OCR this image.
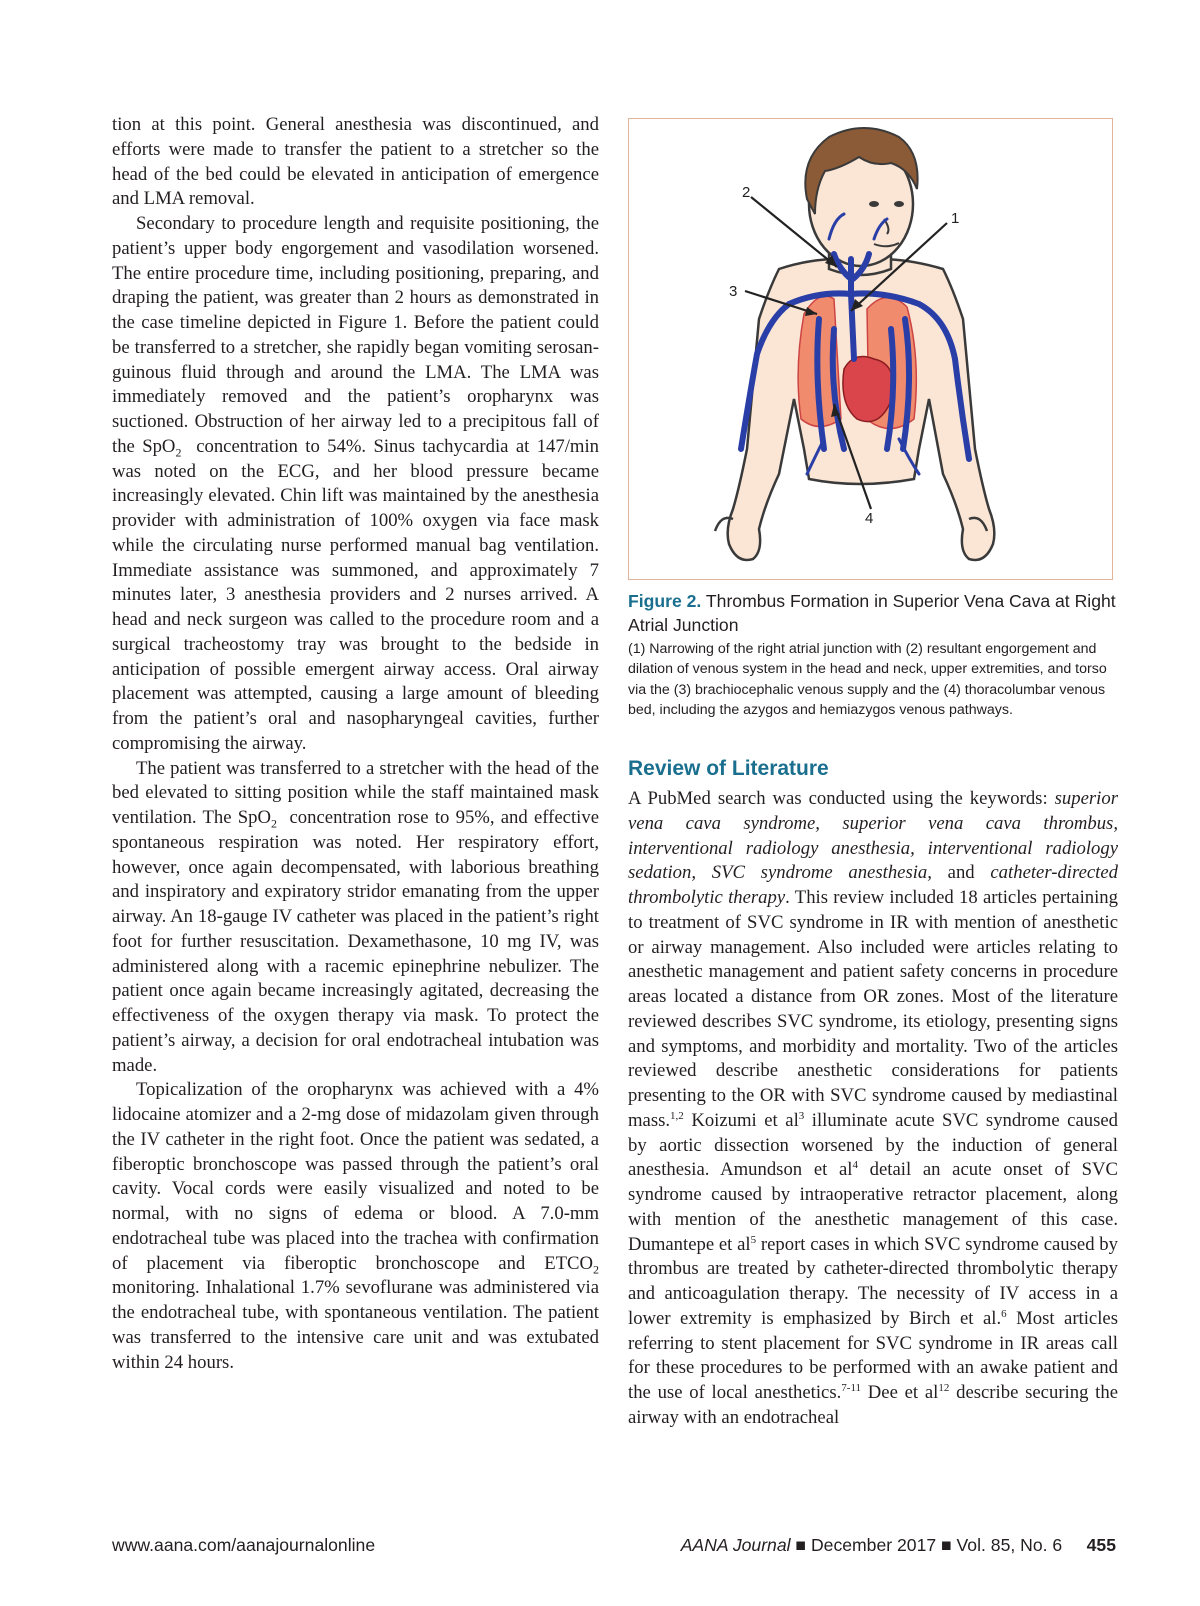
tion at this point. General anesthesia was discontinued, and efforts were made to transfer the patient to a stretcher so the head of the bed could be elevated in anticipation of emergence and LMA removal.

Secondary to procedure length and requisite positioning, the patient’s upper body engorgement and vasodilation worsened. The entire procedure time, including positioning, preparing, and draping the patient, was greater than 2 hours as demonstrated in the case timeline depicted in Figure 1. Before the patient could be transferred to a stretcher, she rapidly began vomiting serosanguinous fluid through and around the LMA. The LMA was immediately removed and the patient’s oropharynx was suctioned. Obstruction of her airway led to a precipitous fall of the SpO$_2$ concentration to 54%. Sinus tachycardia at 147/min was noted on the ECG, and her blood pressure became increasingly elevated. Chin lift was maintained by the anesthesia provider with administration of 100% oxygen via face mask while the circulating nurse performed manual bag ventilation. Immediate assistance was summoned, and approximately 7 minutes later, 3 anesthesia providers and 2 nurses arrived. A head and neck surgeon was called to the procedure room and a surgical tracheostomy tray was brought to the bedside in anticipation of possible emergent airway access. Oral airway placement was attempted, causing a large amount of bleeding from the patient’s oral and nasopharyngeal cavities, further compromising the airway.

The patient was transferred to a stretcher with the head of the bed elevated to sitting position while the staff maintained mask ventilation. The SpO$_2$ concentration rose to 95%, and effective spontaneous respiration was noted. Her respiratory effort, however, once again decompensated, with laborious breathing and inspiratory and expiratory stridor emanating from the upper airway. An 18-gauge IV catheter was placed in the patient’s right foot for further resuscitation. Dexamethasone, 10 mg IV, was administered along with a racemic epinephrine nebulizer. The patient once again became increasingly agitated, decreasing the effectiveness of the oxygen therapy via mask. To protect the patient’s airway, a decision for oral endotracheal intubation was made.

Topicalization of the oropharynx was achieved with a 4% lidocaine atomizer and a 2-mg dose of midazolam given through the IV catheter in the right foot. Once the patient was sedated, a fiberoptic bronchoscope was passed through the patient’s oral cavity. Vocal cords were easily visualized and noted to be normal, with no signs of edema or blood. A 7.0-mm endotracheal tube was placed into the trachea with confirmation of placement via fiberoptic bronchoscope and $ETCO_2$ monitoring. Inhalational 1.7% sevoflurane was administered via the endotracheal tube, with spontaneous ventilation. The patient was transferred to the intensive care unit and was extubated within 24 hours.

1
2
3
4
Figure 2. Thrombus Formation in Superior Vena Cava at Right Atrial Junction
(1) Narrowing of the right atrial junction with (2) resultant engorgement and dilation of venous system in the head and neck, upper extremities, and torso via the (3) brachiocephalic venous supply and the (4) thoracolumbar venous bed, including the azygos and hemiazygos venous pathways.
Review of Literature

A PubMed search was conducted using the keywords: superior vena cava syndrome, superior vena cava thrombus, interventional radiology anesthesia, interventional radiology sedation, SVC syndrome anesthesia, and catheter-directed thrombolytic therapy. This review included 18 articles pertaining to treatment of SVC syndrome in IR with mention of anesthetic or airway management. Also included were articles relating to anesthetic management and patient safety concerns in procedure areas located a distance from OR zones. Most of the literature reviewed describes SVC syndrome, its etiology, presenting signs and symptoms, and morbidity and mortality. Two of the articles reviewed describe anesthetic considerations for patients presenting to the OR with SVC syndrome caused by mediastinal mass.$^{1,2}$ Koizumi et $al^3$ illuminate acute SVC syndrome caused by aortic dissection worsened by the induction of general anesthesia. Amundson et $al^4$ detail an acute onset of SVC syndrome caused by intraoperative retractor placement, along with mention of the anesthetic management of this case. Dumantepe et $al^5$ report cases in which SVC syndrome caused by thrombus are treated by catheter-directed thrombolytic therapy and anticoagulation therapy. The necessity of IV access in a lower extremity is emphasized by Birch et al.$^6$ Most articles referring to stent placement for SVC syndrome in IR areas call for these procedures to be performed with an awake patient and the use of local anesthetics.$^{7-11}$ Dee et $al^{12}$ describe securing the airway with an endotracheal

www.aana.com/aanajournalonline	AANA Journal ■ December 2017 ■ Vol. 85, No. 6 455
